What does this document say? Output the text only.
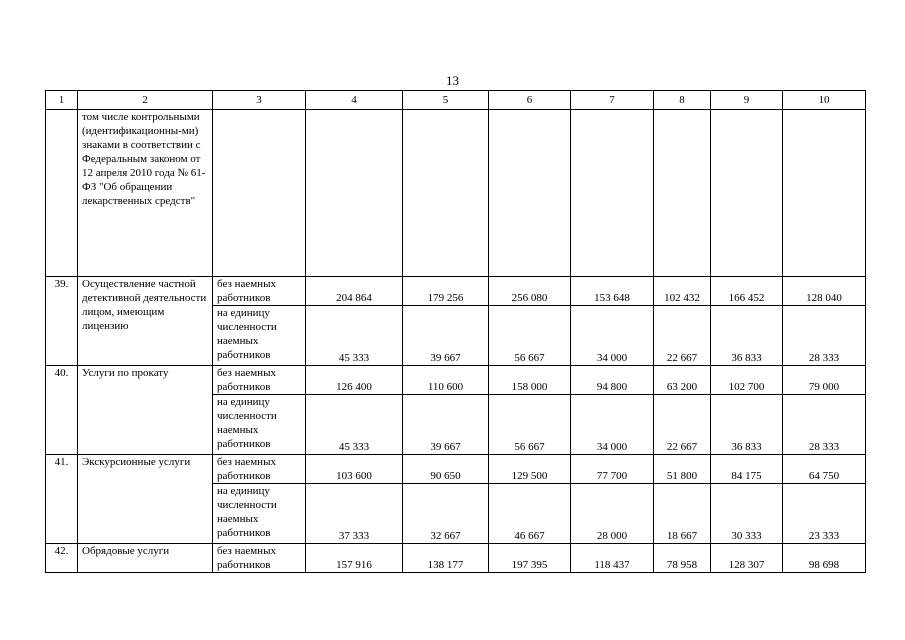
13
1	2	3	4	5	6	7	8	9	10
	том числе контрольными (идентификационны-ми) знаками в соответствии с Федеральным законом от 12 апреля 2010 года № 61-ФЗ "Об обращении лекарственных средств"								
39.	Осуществление частной детективной деятельности лицом, имеющим лицензию	без наемных работников	204 864	179 256	256 080	153 648	102 432	166 452	128 040
		на единицу численности наемных работников	45 333	39 667	56 667	34 000	22 667	36 833	28 333
40.	Услуги по прокату	без наемных работников	126 400	110 600	158 000	94 800	63 200	102 700	79 000
		на единицу численности наемных работников	45 333	39 667	56 667	34 000	22 667	36 833	28 333
41.	Экскурсионные услуги	без наемных работников	103 600	90 650	129 500	77 700	51 800	84 175	64 750
		на единицу численности наемных работников	37 333	32 667	46 667	28 000	18 667	30 333	23 333
42.	Обрядовые услуги	без наемных работников	157 916	138 177	197 395	118 437	78 958	128 307	98 698
